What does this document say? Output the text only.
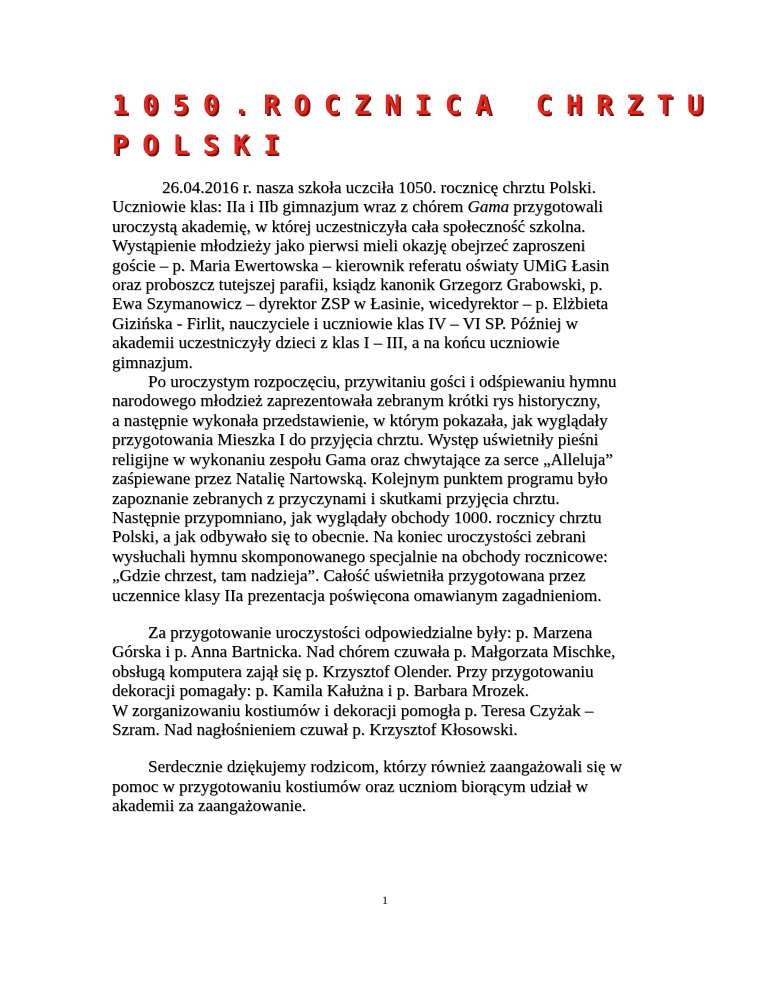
1050.ROCZNICA CHRZTU
POLSKI

26.04.2016 r. nasza szkoła uczciła 1050. rocznicę chrztu Polski.
Uczniowie klas: IIa i IIb gimnazjum wraz z chórem Gama przygotowali
uroczystą akademię, w której uczestniczyła cała społeczność szkolna.
Wystąpienie młodzieży jako pierwsi mieli okazję obejrzeć zaproszeni
goście – p. Maria Ewertowska – kierownik referatu oświaty UMiG Łasin
oraz proboszcz tutejszej parafii, ksiądz kanonik Grzegorz Grabowski, p.
Ewa Szymanowicz – dyrektor ZSP w Łasinie, wicedyrektor – p. Elżbieta
Gizińska - Firlit, nauczyciele i uczniowie klas IV – VI SP. Później w
akademii uczestniczyły dzieci z klas I – III, a na końcu uczniowie
gimnazjum.

Po uroczystym rozpoczęciu, przywitaniu gości i odśpiewaniu hymnu
narodowego młodzież zaprezentowała zebranym krótki rys historyczny,
a następnie wykonała przedstawienie, w którym pokazała, jak wyglądały
przygotowania Mieszka I do przyjęcia chrztu. Występ uświetniły pieśni
religijne w wykonaniu zespołu Gama oraz chwytające za serce „Alleluja”
zaśpiewane przez Natalię Nartowską. Kolejnym punktem programu było
zapoznanie zebranych z przyczynami i skutkami przyjęcia chrztu.
Następnie przypomniano, jak wyglądały obchody 1000. rocznicy chrztu
Polski, a jak odbywało się to obecnie. Na koniec uroczystości zebrani
wysłuchali hymnu skomponowanego specjalnie na obchody rocznicowe:
„Gdzie chrzest, tam nadzieja”. Całość uświetniła przygotowana przez
uczennice klasy IIa prezentacja poświęcona omawianym zagadnieniom.

Za przygotowanie uroczystości odpowiedzialne były: p. Marzena
Górska i p. Anna Bartnicka. Nad chórem czuwała p. Małgorzata Mischke,
obsługą komputera zajął się p. Krzysztof Olender. Przy przygotowaniu
dekoracji pomagały: p. Kamila Kałużna i p. Barbara Mrozek.
W zorganizowaniu kostiumów i dekoracji pomogła p. Teresa Czyżak –
Szram. Nad nagłośnieniem czuwał p. Krzysztof Kłosowski.

Serdecznie dziękujemy rodzicom, którzy również zaangażowali się w
pomoc w przygotowaniu kostiumów oraz uczniom biorącym udział w
akademii za zaangażowanie.

1
